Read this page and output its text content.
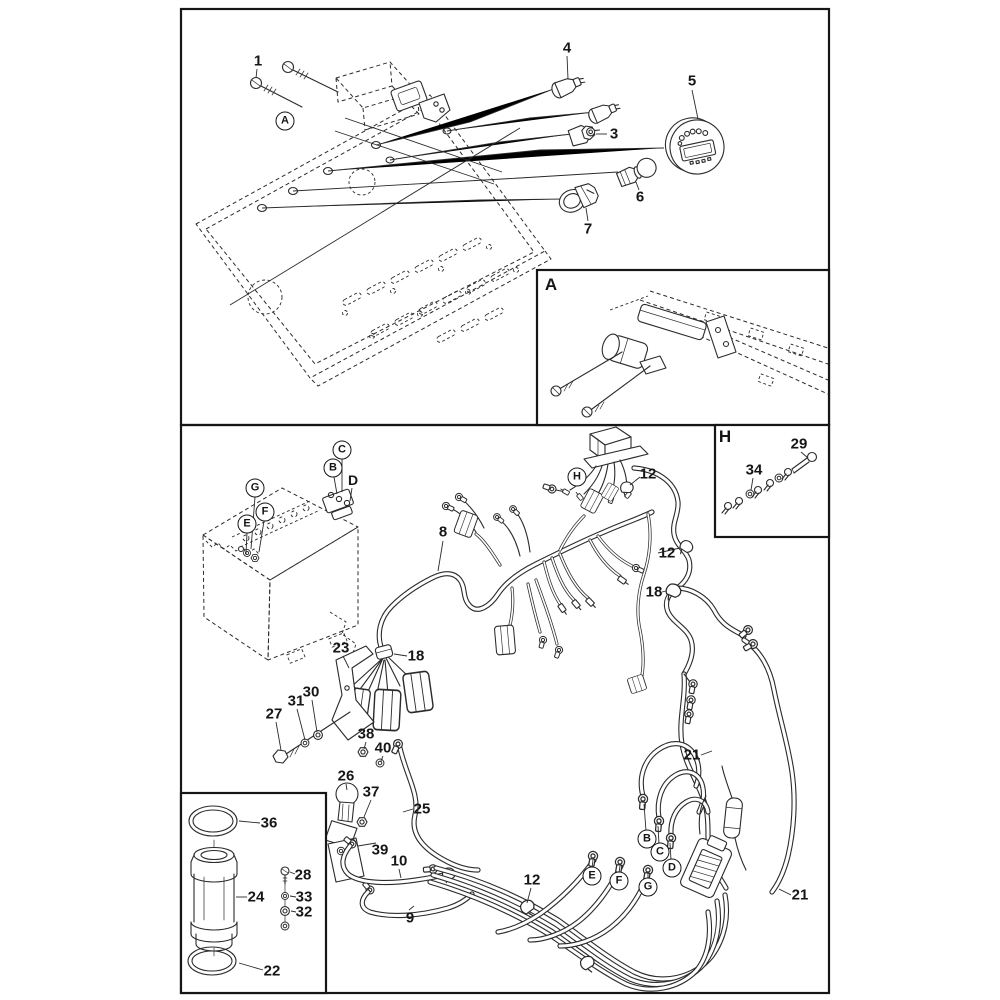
1
A
4
5
3
6
7
A
H	29
34
C
B
D
G
F
E
H	12
8
12
18
23	18
30
31
27
38
40
26
37
25
21
36
39
10
9
12
B
C
D
E	F	G	21
28
33
32
24
22
